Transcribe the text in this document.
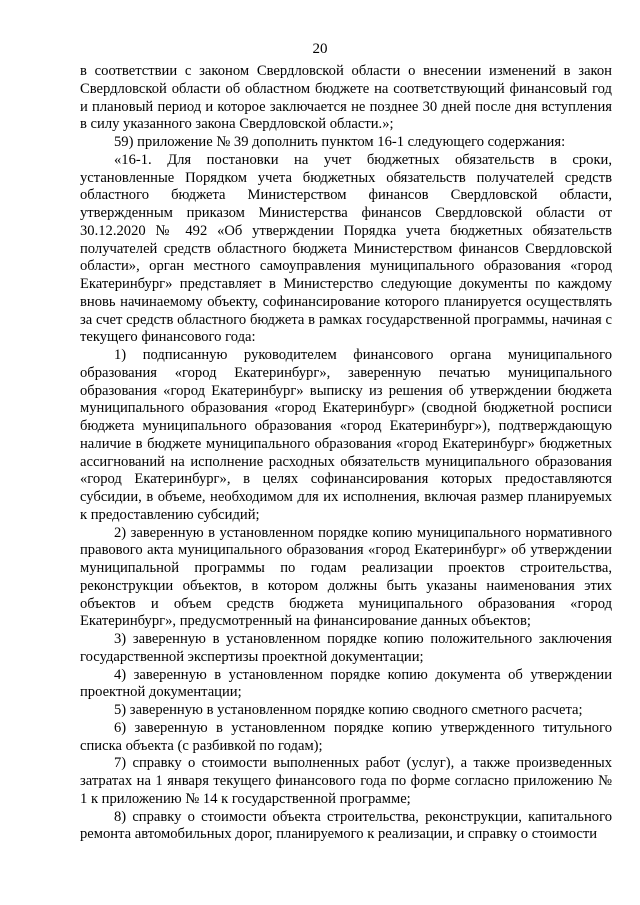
20

в соответствии с законом Свердловской области о внесении изменений в закон Свердловской области об областном бюджете на соответствующий финансовый год и плановый период и которое заключается не позднее 30 дней после дня вступления в силу указанного закона Свердловской области.»;

59) приложение № 39 дополнить пунктом 16-1 следующего содержания:

«16-1. Для постановки на учет бюджетных обязательств в сроки, установленные Порядком учета бюджетных обязательств получателей средств областного бюджета Министерством финансов Свердловской области, утвержденным приказом Министерства финансов Свердловской области от 30.12.2020 № 492 «Об утверждении Порядка учета бюджетных обязательств получателей средств областного бюджета Министерством финансов Свердловской области», орган местного самоуправления муниципального образования «город Екатеринбург» представляет в Министерство следующие документы по каждому вновь начинаемому объекту, софинансирование которого планируется осуществлять за счет средств областного бюджета в рамках государственной программы, начиная с текущего финансового года:

1) подписанную руководителем финансового органа муниципального образования «город Екатеринбург», заверенную печатью муниципального образования «город Екатеринбург» выписку из решения об утверждении бюджета муниципального образования «город Екатеринбург» (сводной бюджетной росписи бюджета муниципального образования «город Екатеринбург»), подтверждающую наличие в бюджете муниципального образования «город Екатеринбург» бюджетных ассигнований на исполнение расходных обязательств муниципального образования «город Екатеринбург», в целях софинансирования которых предоставляются субсидии, в объеме, необходимом для их исполнения, включая размер планируемых к предоставлению субсидий;

2) заверенную в установленном порядке копию муниципального нормативного правового акта муниципального образования «город Екатеринбург» об утверждении муниципальной программы по годам реализации проектов строительства, реконструкции объектов, в котором должны быть указаны наименования этих объектов и объем средств бюджета муниципального образования «город Екатеринбург», предусмотренный на финансирование данных объектов;

3) заверенную в установленном порядке копию положительного заключения государственной экспертизы проектной документации;

4) заверенную в установленном порядке копию документа об утверждении проектной документации;

5) заверенную в установленном порядке копию сводного сметного расчета;

6) заверенную в установленном порядке копию утвержденного титульного списка объекта (с разбивкой по годам);

7) справку о стоимости выполненных работ (услуг), а также произведенных затратах на 1 января текущего финансового года по форме согласно приложению № 1 к приложению № 14 к государственной программе;

8) справку о стоимости объекта строительства, реконструкции, капитального ремонта автомобильных дорог, планируемого к реализации, и справку о стоимости
